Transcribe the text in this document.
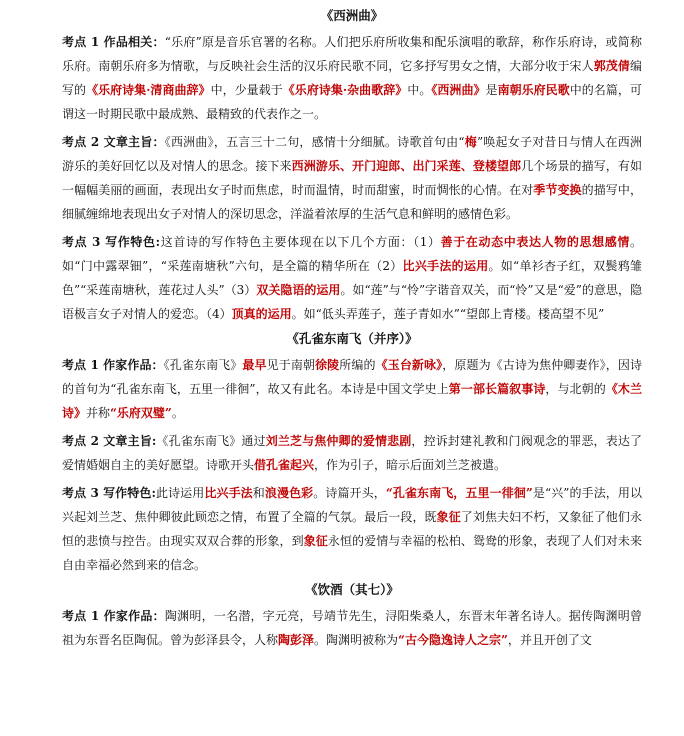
《西洲曲》
考点 1 作品相关：“乐府”原是音乐官署的名称。人们把乐府所收集和配乐演唱的歌辞，称作乐府诗，或简称乐府。南朝乐府多为情歌，与反映社会生活的汉乐府民歌不同，它多抒写男女之情，大部分收于宋人郭茂倩编写的《乐府诗集·清商曲辞》中，少量载于《乐府诗集·杂曲歌辞》中。《西洲曲》是南朝乐府民歌中的名篇，可谓这一时期民歌中最成熟、最精致的代表作之一。
考点 2 文章主旨：《西洲曲》，五言三十二句，感情十分细腻。诗歌首句由“梅”唤起女子对昔日与情人在西洲游乐的美好回忆以及对情人的思念。接下来西洲游乐、开门迎郎、出门采莲、登楼望郎几个场景的描写，有如一幅幅美丽的画面，表现出女子时而焦虑，时而温情，时而甜蜜，时而惆怅的心情。在对季节变换的描写中，细腻缠绵地表现出女子对情人的深切思念，洋溢着浓厚的生活气息和鲜明的感情色彩。
考点 3 写作特色:这首诗的写作特色主要体现在以下几个方面：（1）善于在动态中表达人物的思想感情。如“门中露翠钿”，“采莲南塘秋”六句，是全篇的精华所在（2）比兴手法的运用。如“单衫杏子红，双鬓鸦雏色”“采莲南塘秋，莲花过人头”（3）双关隐语的运用。如“莲”与“怜”字谐音双关，而“怜”又是“爱”的意思，隐语极言女子对情人的爱恋。（4）顶真的运用。如“低头弄莲子，莲子青如水”“望郎上青楼。楼高望不见”
《孔雀东南飞（并序）》
考点 1 作家作品：《孔雀东南飞》最早见于南朝徐陵所编的《玉台新咏》，原题为《古诗为焦仲卿妻作》，因诗的首句为“孔雀东南飞，五里一徘徊”，故又有此名。本诗是中国文学史上第一部长篇叙事诗，与北朝的《木兰诗》并称“乐府双璧”。
考点 2 文章主旨:《孔雀东南飞》通过刘兰芝与焦仲卿的爱情悲剧，控诉封建礼教和门阀观念的罪恶，表达了爱情婚姻自主的美好愿望。诗歌开头借孔雀起兴，作为引子，暗示后面刘兰芝被遣。
考点 3 写作特色:此诗运用比兴手法和浪漫色彩。诗篇开头，“孔雀东南飞，五里一徘徊”是“兴”的手法，用以兴起刘兰芝、焦仲卿彼此顾恋之情，布置了全篇的气氛。最后一段，既象征了刘焦夫妇不朽，又象征了他们永恒的悲愤与控告。由现实双双合葬的形象，到象征永恒的爱情与幸福的松柏、鸳鸯的形象，表现了人们对未来自由幸福必然到来的信念。
《饮酒（其七）》
考点 1 作家作品：陶渊明，一名潜，字元亮，号靖节先生，浔阳柴桑人，东晋末年著名诗人。据传陶渊明曾祖为东晋名臣陶侃。曾为彭泽县令，人称陶彭泽。陶渊明被称为“古今隐逸诗人之宗”，并且开创了文
